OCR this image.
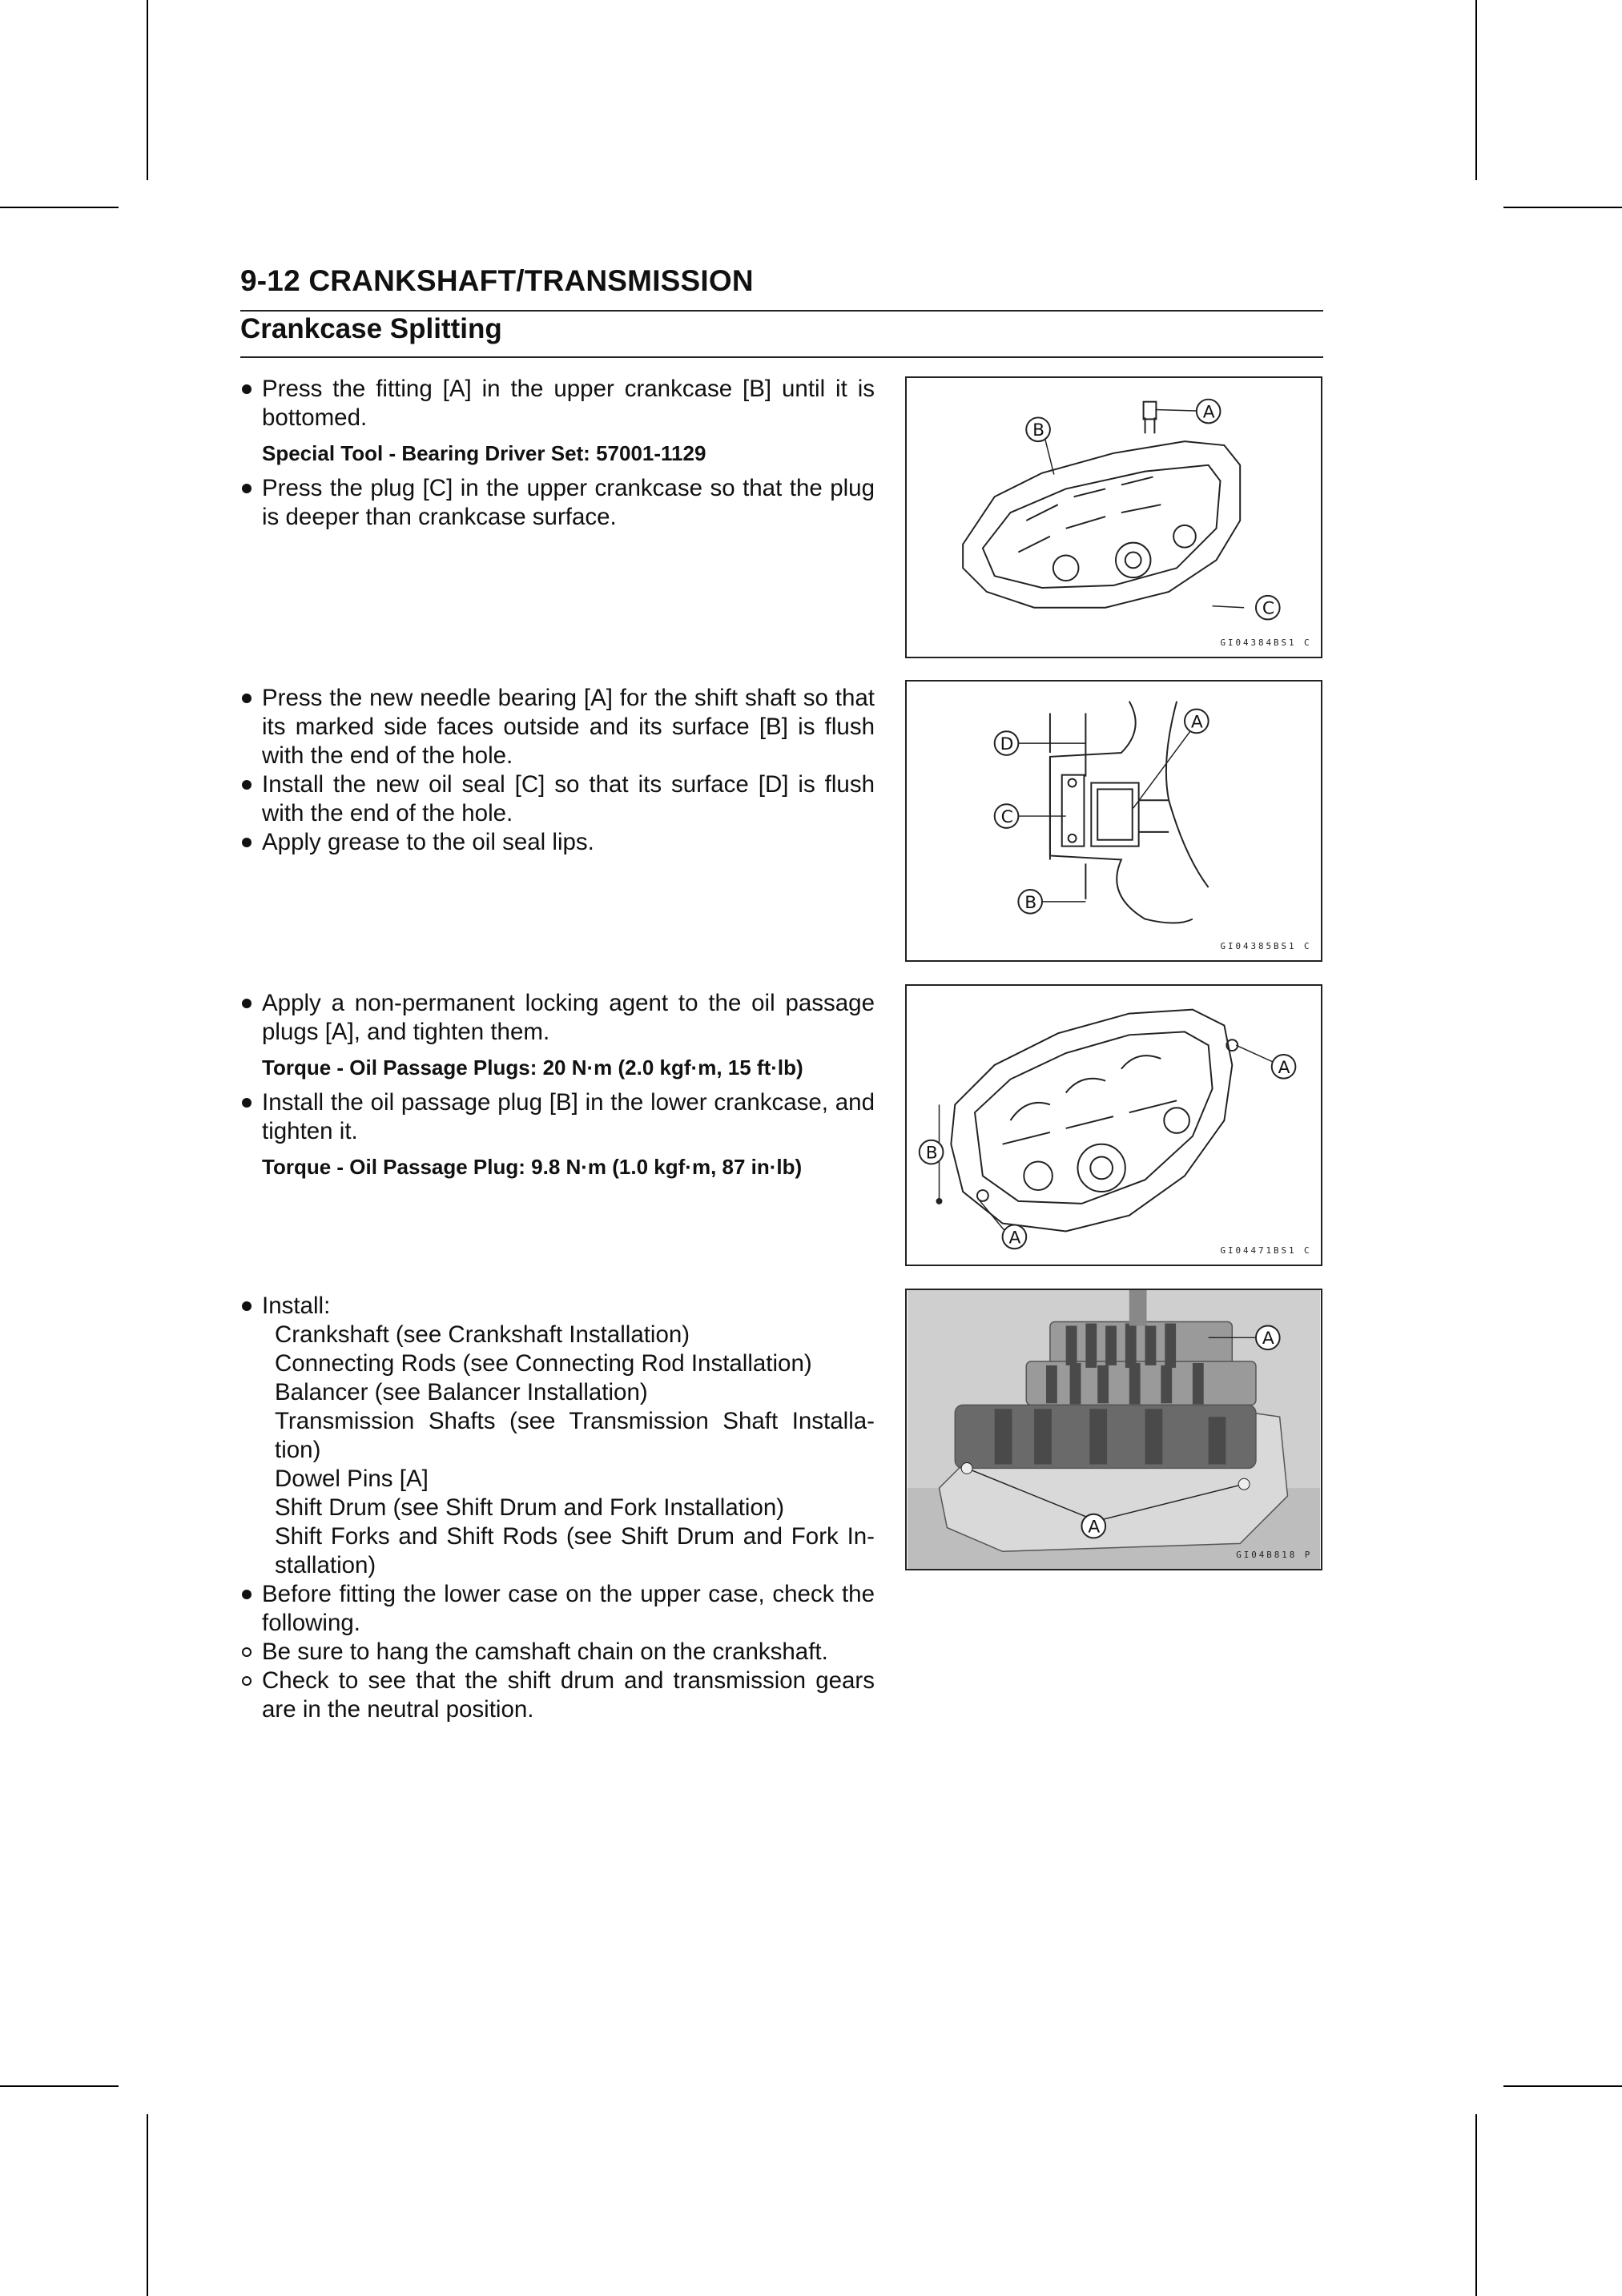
9-12 CRANKSHAFT/TRANSMISSION
Crankcase Splitting

Press the fitting [A] in the upper crankcase [B] until it is bottomed.

Special Tool - Bearing Driver Set: 57001-1129

Press the plug [C] in the upper crankcase so that the plug is deeper than crankcase surface.

A
B
C
GI04384BS1 C

Press the new needle bearing [A] for the shift shaft so that its marked side faces outside and its surface [B] is flush with the end of the hole.

Install the new oil seal [C] so that its surface [D] is flush with the end of the hole.

Apply grease to the oil seal lips.

A
B
C
D
GI04385BS1 C

Apply a non-permanent locking agent to the oil passage plugs [A], and tighten them.

Torque - Oil Passage Plugs: 20 N·m (2.0 kgf·m, 15 ft·lb)

Install the oil passage plug [B] in the lower crankcase, and tighten it.

Torque - Oil Passage Plug: 9.8 N·m (1.0 kgf·m, 87 in·lb)

A
B
A
GI04471BS1 C

Install:

Crankshaft (see Crankshaft Installation)

Connecting Rods (see Connecting Rod Installation)

Balancer (see Balancer Installation)

Transmission Shafts (see Transmission Shaft Installa- tion)

Dowel Pins [A]

Shift Drum (see Shift Drum and Fork Installation)

Shift Forks and Shift Rods (see Shift Drum and Fork In- stallation)

Before fitting the lower case on the upper case, check the following.

Be sure to hang the camshaft chain on the crankshaft.

Check to see that the shift drum and transmission gears are in the neutral position.

A
A
GI04B818 P
